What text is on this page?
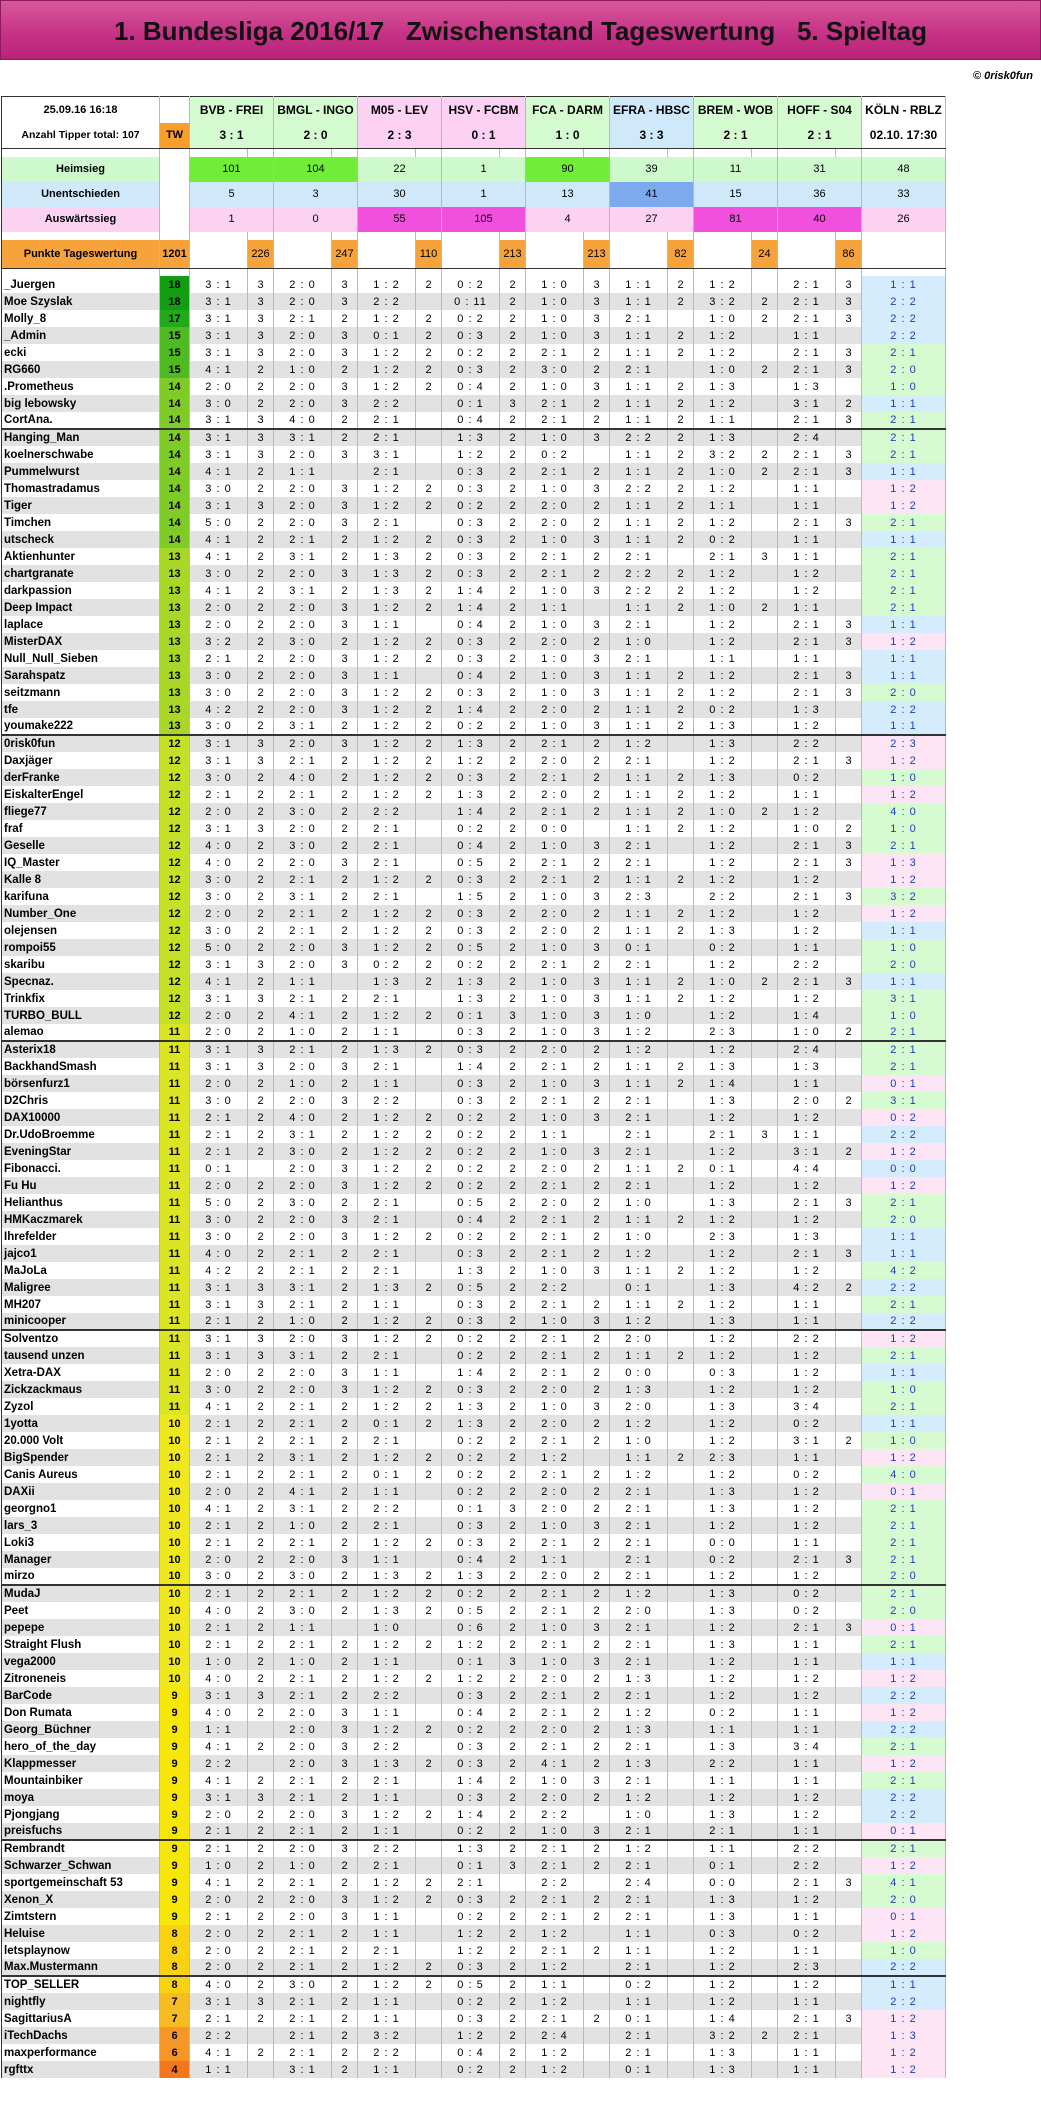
1. Bundesliga 2016/17   Zwischenstand Tageswertung   5. Spieltag
© 0risk0fun
25.09.16 16:18		BVB - FREI		BMGL - INGO		M05 - LEV		HSV - FCBM		FCA - DARM		EFRA - HBSC		BREM - WOB		HOFF - S04		KÖLN - RBLZ
Anzahl Tipper total: 107	TW	3 : 1		2 : 0		2 : 3		0 : 1		1 : 0		3 : 3		2 : 1		2 : 1		02.10. 17:30

Heimsieg		101		104		22		1		90		39		11		31		48
Unentschieden		5		3		30		1		13		41		15		36		33
Auswärtssieg		1		0		55		105		4		27		81		40		26

Punkte Tageswertung	1201		226		247		110		213		213		82		24		86	

_Juergen	18	3 : 1	3	2 : 0	3	1 : 2	2	0 : 2	2	1 : 0	3	1 : 1	2	1 : 2		2 : 1	3	1 : 1
Moe Szyslak	18	3 : 1	3	2 : 0	3	2 : 2		0 : 11	2	1 : 0	3	1 : 1	2	3 : 2	2	2 : 1	3	2 : 2
Molly_8	17	3 : 1	3	2 : 1	2	1 : 2	2	0 : 2	2	1 : 0	3	2 : 1		1 : 0	2	2 : 1	3	2 : 2
_Admin	15	3 : 1	3	2 : 0	3	0 : 1	2	0 : 3	2	1 : 0	3	1 : 1	2	1 : 2		1 : 1		2 : 2
ecki	15	3 : 1	3	2 : 0	3	1 : 2	2	0 : 2	2	2 : 1	2	1 : 1	2	1 : 2		2 : 1	3	2 : 1
RG660	15	4 : 1	2	1 : 0	2	1 : 2	2	0 : 3	2	3 : 0	2	2 : 1		1 : 0	2	2 : 1	3	2 : 0
.Prometheus	14	2 : 0	2	2 : 0	3	1 : 2	2	0 : 4	2	1 : 0	3	1 : 1	2	1 : 3		1 : 3		1 : 0
big lebowsky	14	3 : 0	2	2 : 0	3	2 : 2		0 : 1	3	2 : 1	2	1 : 1	2	1 : 2		3 : 1	2	1 : 1
CortAna.	14	3 : 1	3	4 : 0	2	2 : 1		0 : 4	2	2 : 1	2	1 : 1	2	1 : 1		2 : 1	3	2 : 1
Hanging_Man	14	3 : 1	3	3 : 1	2	2 : 1		1 : 3	2	1 : 0	3	2 : 2	2	1 : 3		2 : 4		2 : 1
koelnerschwabe	14	3 : 1	3	2 : 0	3	3 : 1		1 : 2	2	0 : 2		1 : 1	2	3 : 2	2	2 : 1	3	2 : 1
Pummelwurst	14	4 : 1	2	1 : 1		2 : 1		0 : 3	2	2 : 1	2	1 : 1	2	1 : 0	2	2 : 1	3	1 : 1
Thomastradamus	14	3 : 0	2	2 : 0	3	1 : 2	2	0 : 3	2	1 : 0	3	2 : 2	2	1 : 2		1 : 1		1 : 2
Tiger	14	3 : 1	3	2 : 0	3	1 : 2	2	0 : 2	2	2 : 0	2	1 : 1	2	1 : 1		1 : 1		1 : 2
Timchen	14	5 : 0	2	2 : 0	3	2 : 1		0 : 3	2	2 : 0	2	1 : 1	2	1 : 2		2 : 1	3	2 : 1
utscheck	14	4 : 1	2	2 : 1	2	1 : 2	2	0 : 3	2	1 : 0	3	1 : 1	2	0 : 2		1 : 1		1 : 1
Aktienhunter	13	4 : 1	2	3 : 1	2	1 : 3	2	0 : 3	2	2 : 1	2	2 : 1		2 : 1	3	1 : 1		2 : 1
chartgranate	13	3 : 0	2	2 : 0	3	1 : 3	2	0 : 3	2	2 : 1	2	2 : 2	2	1 : 2		1 : 2		2 : 1
darkpassion	13	4 : 1	2	3 : 1	2	1 : 3	2	1 : 4	2	1 : 0	3	2 : 2	2	1 : 2		1 : 2		2 : 1
Deep Impact	13	2 : 0	2	2 : 0	3	1 : 2	2	1 : 4	2	1 : 1		1 : 1	2	1 : 0	2	1 : 1		2 : 1
laplace	13	2 : 0	2	2 : 0	3	1 : 1		0 : 4	2	1 : 0	3	2 : 1		1 : 2		2 : 1	3	1 : 1
MisterDAX	13	3 : 2	2	3 : 0	2	1 : 2	2	0 : 3	2	2 : 0	2	1 : 0		1 : 2		2 : 1	3	1 : 2
Null_Null_Sieben	13	2 : 1	2	2 : 0	3	1 : 2	2	0 : 3	2	1 : 0	3	2 : 1		1 : 1		1 : 1		1 : 1
Sarahspatz	13	3 : 0	2	2 : 0	3	1 : 1		0 : 4	2	1 : 0	3	1 : 1	2	1 : 2		2 : 1	3	1 : 1
seitzmann	13	3 : 0	2	2 : 0	3	1 : 2	2	0 : 3	2	1 : 0	3	1 : 1	2	1 : 2		2 : 1	3	2 : 0
tfe	13	4 : 2	2	2 : 0	3	1 : 2	2	1 : 4	2	2 : 0	2	1 : 1	2	0 : 2		1 : 3		2 : 2
youmake222	13	3 : 0	2	3 : 1	2	1 : 2	2	0 : 2	2	1 : 0	3	1 : 1	2	1 : 3		1 : 2		1 : 1
0risk0fun	12	3 : 1	3	2 : 0	3	1 : 2	2	1 : 3	2	2 : 1	2	1 : 2		1 : 3		2 : 2		2 : 3
Daxjäger	12	3 : 1	3	2 : 1	2	1 : 2	2	1 : 2	2	2 : 0	2	2 : 1		1 : 2		2 : 1	3	1 : 2
derFranke	12	3 : 0	2	4 : 0	2	1 : 2	2	0 : 3	2	2 : 1	2	1 : 1	2	1 : 3		0 : 2		1 : 0
EiskalterEngel	12	2 : 1	2	2 : 1	2	1 : 2	2	1 : 3	2	2 : 0	2	1 : 1	2	1 : 2		1 : 1		1 : 2
fliege77	12	2 : 0	2	3 : 0	2	2 : 2		1 : 4	2	2 : 1	2	1 : 1	2	1 : 0	2	1 : 2		4 : 0
fraf	12	3 : 1	3	2 : 0	2	2 : 1		0 : 2	2	0 : 0		1 : 1	2	1 : 2		1 : 0	2	1 : 0
Geselle	12	4 : 0	2	3 : 0	2	2 : 1		0 : 4	2	1 : 0	3	2 : 1		1 : 2		2 : 1	3	2 : 1
IQ_Master	12	4 : 0	2	2 : 0	3	2 : 1		0 : 5	2	2 : 1	2	2 : 1		1 : 2		2 : 1	3	1 : 3
Kalle 8	12	3 : 0	2	2 : 1	2	1 : 2	2	0 : 3	2	2 : 1	2	1 : 1	2	1 : 2		1 : 2		1 : 2
karifuna	12	3 : 0	2	3 : 1	2	2 : 1		1 : 5	2	1 : 0	3	2 : 3		2 : 2		2 : 1	3	3 : 2
Number_One	12	2 : 0	2	2 : 1	2	1 : 2	2	0 : 3	2	2 : 0	2	1 : 1	2	1 : 2		1 : 2		1 : 2
olejensen	12	3 : 0	2	2 : 1	2	1 : 2	2	0 : 3	2	2 : 0	2	1 : 1	2	1 : 3		1 : 2		1 : 1
rompoi55	12	5 : 0	2	2 : 0	3	1 : 2	2	0 : 5	2	1 : 0	3	0 : 1		0 : 2		1 : 1		1 : 0
skaribu	12	3 : 1	3	2 : 0	3	0 : 2	2	0 : 2	2	2 : 1	2	2 : 1		1 : 2		2 : 2		2 : 0
Specnaz.	12	4 : 1	2	1 : 1		1 : 3	2	1 : 3	2	1 : 0	3	1 : 1	2	1 : 0	2	2 : 1	3	1 : 1
Trinkfix	12	3 : 1	3	2 : 1	2	2 : 1		1 : 3	2	1 : 0	3	1 : 1	2	1 : 2		1 : 2		3 : 1
TURBO_BULL	12	2 : 0	2	4 : 1	2	1 : 2	2	0 : 1	3	1 : 0	3	1 : 0		1 : 2		1 : 4		1 : 0
alemao	11	2 : 0	2	1 : 0	2	1 : 1		0 : 3	2	1 : 0	3	1 : 2		2 : 3		1 : 0	2	2 : 1
Asterix18	11	3 : 1	3	2 : 1	2	1 : 3	2	0 : 3	2	2 : 0	2	1 : 2		1 : 2		2 : 4		2 : 1
BackhandSmash	11	3 : 1	3	2 : 0	3	2 : 1		1 : 4	2	2 : 1	2	1 : 1	2	1 : 3		1 : 3		2 : 1
börsenfurz1	11	2 : 0	2	1 : 0	2	1 : 1		0 : 3	2	1 : 0	3	1 : 1	2	1 : 4		1 : 1		0 : 1
D2Chris	11	3 : 0	2	2 : 0	3	2 : 2		0 : 3	2	2 : 1	2	2 : 1		1 : 3		2 : 0	2	3 : 1
DAX10000	11	2 : 1	2	4 : 0	2	1 : 2	2	0 : 2	2	1 : 0	3	2 : 1		1 : 2		1 : 2		0 : 2
Dr.UdoBroemme	11	2 : 1	2	3 : 1	2	1 : 2	2	0 : 2	2	1 : 1		2 : 1		2 : 1	3	1 : 1		2 : 2
EveningStar	11	2 : 1	2	3 : 0	2	1 : 2	2	0 : 2	2	1 : 0	3	2 : 1		1 : 2		3 : 1	2	1 : 2
Fibonacci.	11	0 : 1		2 : 0	3	1 : 2	2	0 : 2	2	2 : 0	2	1 : 1	2	0 : 1		4 : 4		0 : 0
Fu Hu	11	2 : 0	2	2 : 0	3	1 : 2	2	0 : 2	2	2 : 1	2	2 : 1		1 : 2		1 : 2		1 : 2
Helianthus	11	5 : 0	2	3 : 0	2	2 : 1		0 : 5	2	2 : 0	2	1 : 0		1 : 3		2 : 1	3	2 : 1
HMKaczmarek	11	3 : 0	2	2 : 0	3	2 : 1		0 : 4	2	2 : 1	2	1 : 1	2	1 : 2		1 : 2		2 : 0
Ihrefelder	11	3 : 0	2	2 : 0	3	1 : 2	2	0 : 2	2	2 : 1	2	1 : 0		2 : 3		1 : 3		1 : 1
jajco1	11	4 : 0	2	2 : 1	2	2 : 1		0 : 3	2	2 : 1	2	1 : 2		1 : 2		2 : 1	3	1 : 1
MaJoLa	11	4 : 2	2	2 : 1	2	2 : 1		1 : 3	2	1 : 0	3	1 : 1	2	1 : 2		1 : 2		4 : 2
Maligree	11	3 : 1	3	3 : 1	2	1 : 3	2	0 : 5	2	2 : 2		0 : 1		1 : 3		4 : 2	2	2 : 2
MH207	11	3 : 1	3	2 : 1	2	1 : 1		0 : 3	2	2 : 1	2	1 : 1	2	1 : 2		1 : 1		2 : 1
minicooper	11	2 : 1	2	1 : 0	2	1 : 2	2	0 : 3	2	1 : 0	3	1 : 2		1 : 3		1 : 1		2 : 2
Solventzo	11	3 : 1	3	2 : 0	3	1 : 2	2	0 : 2	2	2 : 1	2	2 : 0		1 : 2		2 : 2		1 : 2
tausend unzen	11	3 : 1	3	3 : 1	2	2 : 1		0 : 2	2	2 : 1	2	1 : 1	2	1 : 2		1 : 2		2 : 1
Xetra-DAX	11	2 : 0	2	2 : 0	3	1 : 1		1 : 4	2	2 : 1	2	0 : 0		0 : 3		1 : 2		1 : 1
Zickzackmaus	11	3 : 0	2	2 : 0	3	1 : 2	2	0 : 3	2	2 : 0	2	1 : 3		1 : 2		1 : 2		1 : 0
Zyzol	11	4 : 1	2	2 : 1	2	1 : 2	2	1 : 3	2	1 : 0	3	2 : 0		1 : 3		3 : 4		2 : 1
1yotta	10	2 : 1	2	2 : 1	2	0 : 1	2	1 : 3	2	2 : 0	2	1 : 2		1 : 2		0 : 2		1 : 1
20.000 Volt	10	2 : 1	2	2 : 1	2	2 : 1		0 : 2	2	2 : 1	2	1 : 0		1 : 2		3 : 1	2	1 : 0
BigSpender	10	2 : 1	2	3 : 1	2	1 : 2	2	0 : 2	2	1 : 2		1 : 1	2	2 : 3		1 : 1		1 : 2
Canis Aureus	10	2 : 1	2	2 : 1	2	0 : 1	2	0 : 2	2	2 : 1	2	1 : 2		1 : 2		0 : 2		4 : 0
DAXii	10	2 : 0	2	4 : 1	2	1 : 1		0 : 2	2	2 : 0	2	2 : 1		1 : 3		1 : 2		0 : 1
georgno1	10	4 : 1	2	3 : 1	2	2 : 2		0 : 1	3	2 : 0	2	2 : 1		1 : 3		1 : 2		2 : 1
lars_3	10	2 : 1	2	1 : 0	2	2 : 1		0 : 3	2	1 : 0	3	2 : 1		1 : 2		1 : 2		2 : 1
Loki3	10	2 : 1	2	2 : 1	2	1 : 2	2	0 : 3	2	2 : 1	2	2 : 1		0 : 0		1 : 1		2 : 1
Manager	10	2 : 0	2	2 : 0	3	1 : 1		0 : 4	2	1 : 1		2 : 1		0 : 2		2 : 1	3	2 : 1
mirzo	10	3 : 0	2	3 : 0	2	1 : 3	2	1 : 3	2	2 : 0	2	2 : 1		1 : 2		1 : 2		2 : 0
MudaJ	10	2 : 1	2	2 : 1	2	1 : 2	2	0 : 2	2	2 : 1	2	1 : 2		1 : 3		0 : 2		2 : 1
Peet	10	4 : 0	2	3 : 0	2	1 : 3	2	0 : 5	2	2 : 1	2	2 : 0		1 : 3		0 : 2		2 : 0
pepepe	10	2 : 1	2	1 : 1		1 : 0		0 : 6	2	1 : 0	3	2 : 1		1 : 2		2 : 1	3	0 : 1
Straight Flush	10	2 : 1	2	2 : 1	2	1 : 2	2	1 : 2	2	2 : 1	2	2 : 1		1 : 3		1 : 1		2 : 1
vega2000	10	1 : 0	2	1 : 0	2	1 : 1		0 : 1	3	1 : 0	3	2 : 1		1 : 2		1 : 1		1 : 1
Zitroneneis	10	4 : 0	2	2 : 1	2	1 : 2	2	1 : 2	2	2 : 0	2	1 : 3		1 : 2		1 : 2		1 : 2
BarCode	9	3 : 1	3	2 : 1	2	2 : 2		0 : 3	2	2 : 1	2	2 : 1		1 : 2		1 : 2		2 : 2
Don Rumata	9	4 : 0	2	2 : 0	3	1 : 1		0 : 4	2	2 : 1	2	1 : 2		0 : 2		1 : 1		1 : 2
Georg_Büchner	9	1 : 1		2 : 0	3	1 : 2	2	0 : 2	2	2 : 0	2	1 : 3		1 : 1		1 : 1		2 : 2
hero_of_the_day	9	4 : 1	2	2 : 0	3	2 : 2		0 : 3	2	2 : 1	2	2 : 1		1 : 3		3 : 4		2 : 1
Klappmesser	9	2 : 2		2 : 0	3	1 : 3	2	0 : 3	2	4 : 1	2	1 : 3		2 : 2		1 : 1		1 : 2
Mountainbiker	9	4 : 1	2	2 : 1	2	2 : 1		1 : 4	2	1 : 0	3	2 : 1		1 : 1		1 : 1		2 : 1
moya	9	3 : 1	3	2 : 1	2	1 : 1		0 : 3	2	2 : 0	2	1 : 2		1 : 2		1 : 2		2 : 2
Pjongjang	9	2 : 0	2	2 : 0	3	1 : 2	2	1 : 4	2	2 : 2		1 : 0		1 : 3		1 : 2		2 : 2
preisfuchs	9	2 : 1	2	2 : 1	2	1 : 1		0 : 2	2	1 : 0	3	2 : 1		2 : 1		1 : 1		0 : 1
Rembrandt	9	2 : 1	2	2 : 0	3	2 : 2		1 : 3	2	2 : 1	2	1 : 2		1 : 1		2 : 2		2 : 1
Schwarzer_Schwan	9	1 : 0	2	1 : 0	2	2 : 1		0 : 1	3	2 : 1	2	2 : 1		0 : 1		2 : 2		1 : 2
sportgemeinschaft 53	9	4 : 1	2	2 : 1	2	1 : 2	2	2 : 1		2 : 2		2 : 4		0 : 0		2 : 1	3	4 : 1
Xenon_X	9	2 : 0	2	2 : 0	3	1 : 2	2	0 : 3	2	2 : 1	2	2 : 1		1 : 3		1 : 2		2 : 0
Zimtstern	9	2 : 1	2	2 : 0	3	1 : 1		0 : 2	2	2 : 1	2	2 : 1		1 : 3		1 : 1		0 : 1
Heluise	8	2 : 0	2	2 : 1	2	1 : 1		1 : 2	2	1 : 2		1 : 1		0 : 3		0 : 2		1 : 2
letsplaynow	8	2 : 0	2	2 : 1	2	2 : 1		1 : 2	2	2 : 1	2	1 : 1		1 : 2		1 : 1		1 : 0
Max.Mustermann	8	2 : 0	2	2 : 1	2	1 : 2	2	0 : 3	2	1 : 2		2 : 1		1 : 2		2 : 3		2 : 2
TOP_SELLER	8	4 : 0	2	3 : 0	2	1 : 2	2	0 : 5	2	1 : 1		0 : 2		1 : 2		1 : 2		1 : 1
nightfly	7	3 : 1	3	2 : 1	2	1 : 1		0 : 2	2	1 : 2		1 : 1		1 : 2		1 : 1		2 : 2
SagittariusA	7	2 : 1	2	2 : 1	2	1 : 1		0 : 3	2	2 : 1	2	0 : 1		1 : 4		2 : 1	3	1 : 2
iTechDachs	6	2 : 2		2 : 1	2	3 : 2		1 : 2	2	2 : 4		2 : 1		3 : 2	2	2 : 1		1 : 3
maxperformance	6	4 : 1	2	2 : 1	2	2 : 2		0 : 4	2	1 : 2		2 : 1		1 : 3		1 : 1		1 : 2
rgfttx	4	1 : 1		3 : 1	2	1 : 1		0 : 2	2	1 : 2		0 : 1		1 : 3		1 : 1		1 : 2
